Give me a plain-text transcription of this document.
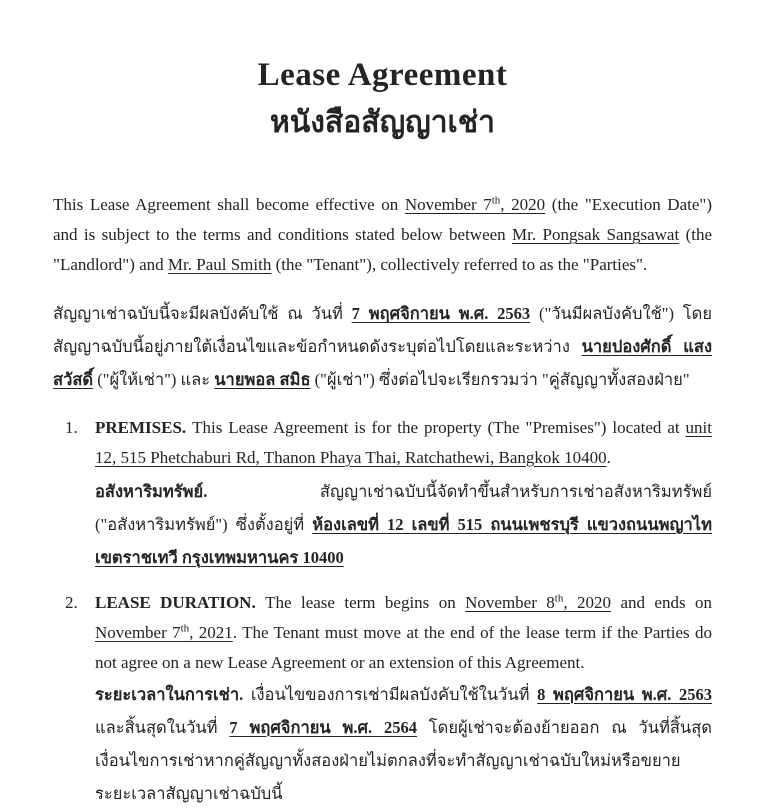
Lease Agreement
หนังสือสัญญาเช่า

This Lease Agreement shall become effective on November 7th, 2020 (the "Execution Date") and is subject to the terms and conditions stated below between Mr. Pongsak Sangsawat (the "Landlord") and Mr. Paul Smith (the "Tenant"), collectively referred to as the "Parties".

สัญญาเช่าฉบับนี้จะมีผลบังคับใช้ ณ วันที่ 7 พฤศจิกายน พ.ศ. 2563 ("วันมีผลบังคับใช้") โดยสัญญาฉบับนี้อยู่ภายใต้เงื่อนไขและข้อกำหนดดังระบุต่อไปโดยและระหว่าง นายปองศักดิ์ แสงสวัสดิ์ ("ผู้ให้เช่า") และ นายพอล สมิธ ("ผู้เช่า") ซึ่งต่อไปจะเรียกรวมว่า "คู่สัญญาทั้งสองฝ่าย"

1.	PREMISES. This Lease Agreement is for the property (The "Premises") located at unit 12, 515 Phetchaburi Rd, Thanon Phaya Thai, Ratchathewi, Bangkok 10400.

อสังหาริมทรัพย์. สัญญาเช่าฉบับนี้จัดทำขึ้นสำหรับการเช่าอสังหาริมทรัพย์ ("อสังหาริมทรัพย์") ซึ่งตั้งอยู่ที่ ห้องเลขที่ 12 เลขที่ 515 ถนนเพชรบุรี แขวงถนนพญาไท เขตราชเทวี กรุงเทพมหานคร 10400

2.	LEASE DURATION. The lease term begins on November 8th, 2020 and ends on November 7th, 2021. The Tenant must move at the end of the lease term if the Parties do not agree on a new Lease Agreement or an extension of this Agreement.

ระยะเวลาในการเช่า. เงื่อนไขของการเช่ามีผลบังคับใช้ในวันที่ 8 พฤศจิกายน พ.ศ. 2563 และสิ้นสุดในวันที่ 7 พฤศจิกายน พ.ศ. 2564 โดยผู้เช่าจะต้องย้ายออก ณ วันที่สิ้นสุดเงื่อนไขการเช่าหากคู่สัญญาทั้งสองฝ่ายไม่ตกลงที่จะทำสัญญาเช่าฉบับใหม่หรือขยายระยะเวลาสัญญาเช่าฉบับนี้
